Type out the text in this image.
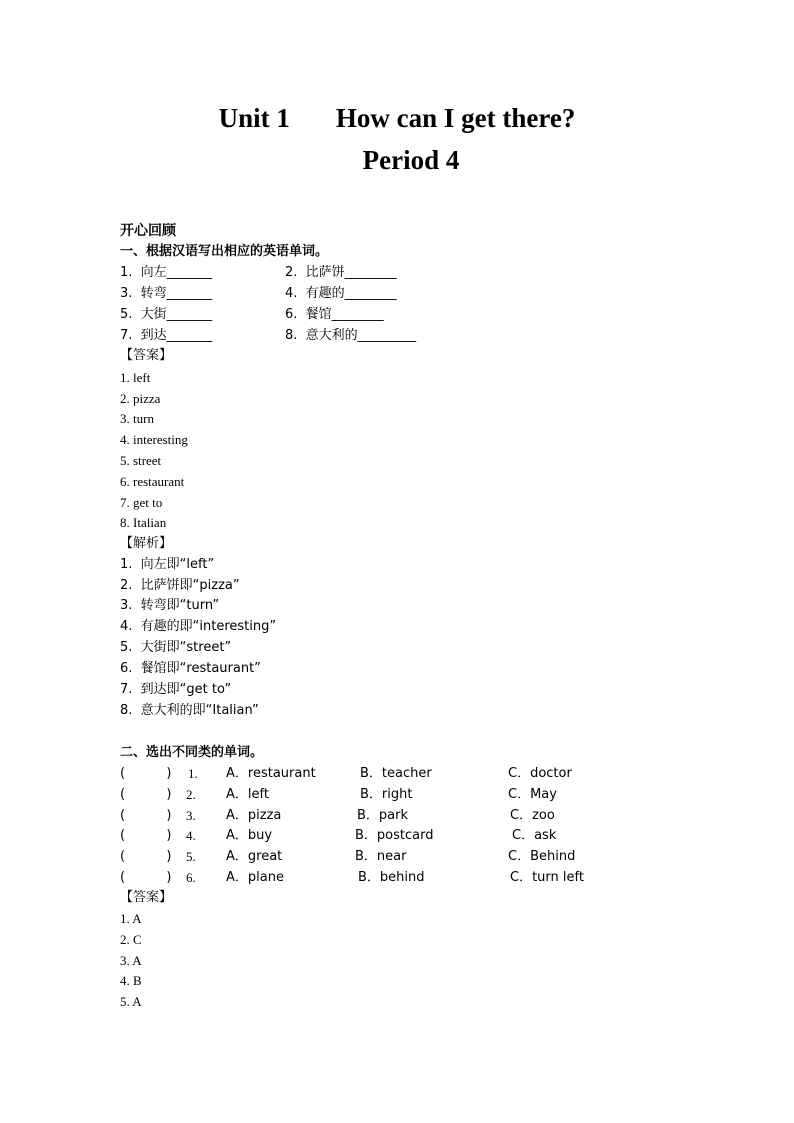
Unit 1 How can I get there?
Period 4
开心回顾
一、根据汉语写出相应的英语单词。
1.  向左_______	2.  比萨饼________
3.  转弯_______	4.  有趣的________
5.  大街_______	6.  餐馆________
7.  到达_______	8.  意大利的_________
【答案】
1. left
2. pizza
3. turn
4. interesting
5. street
6. restaurant
7. get to
8. Italian
【解析】
1.  向左即“left”
2.  比萨饼即“pizza”
3.  转弯即“turn”
4.  有趣的即“interesting”
5.  大街即“street”
6.  餐馆即“restaurant”
7.  到达即“get to”
8.  意大利的即“Italian”
二、选出不同类的单词。
(          ) 1. A．restaurant	B．teacher	C．doctor
(          ) 2. A．left	B．right	C．May
(          ) 3. A．pizza	B．park	C．zoo
(          ) 4. A．buy	B．postcard	C．ask
(          ) 5. A．great	B．near	C．Behind
(          ) 6. A．plane	B．behind	C．turn left
【答案】
1. A
2. C
3. A
4. B
5. A
